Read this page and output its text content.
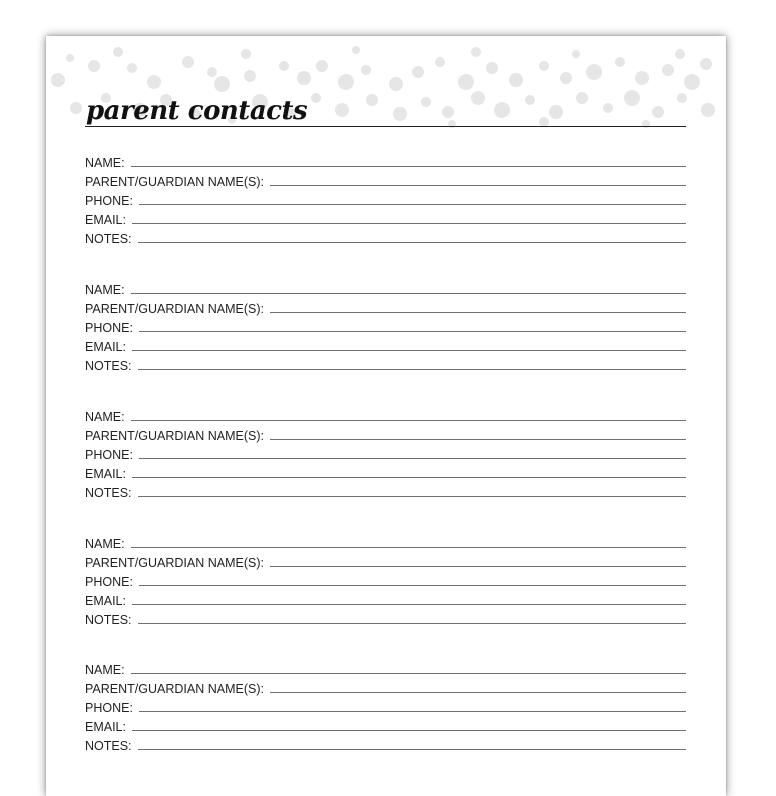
parent contacts
NAME:
PARENT/GUARDIAN NAME(S):
PHONE:
EMAIL:
NOTES:
NAME:
PARENT/GUARDIAN NAME(S):
PHONE:
EMAIL:
NOTES:
NAME:
PARENT/GUARDIAN NAME(S):
PHONE:
EMAIL:
NOTES:
NAME:
PARENT/GUARDIAN NAME(S):
PHONE:
EMAIL:
NOTES:
NAME:
PARENT/GUARDIAN NAME(S):
PHONE:
EMAIL:
NOTES:
